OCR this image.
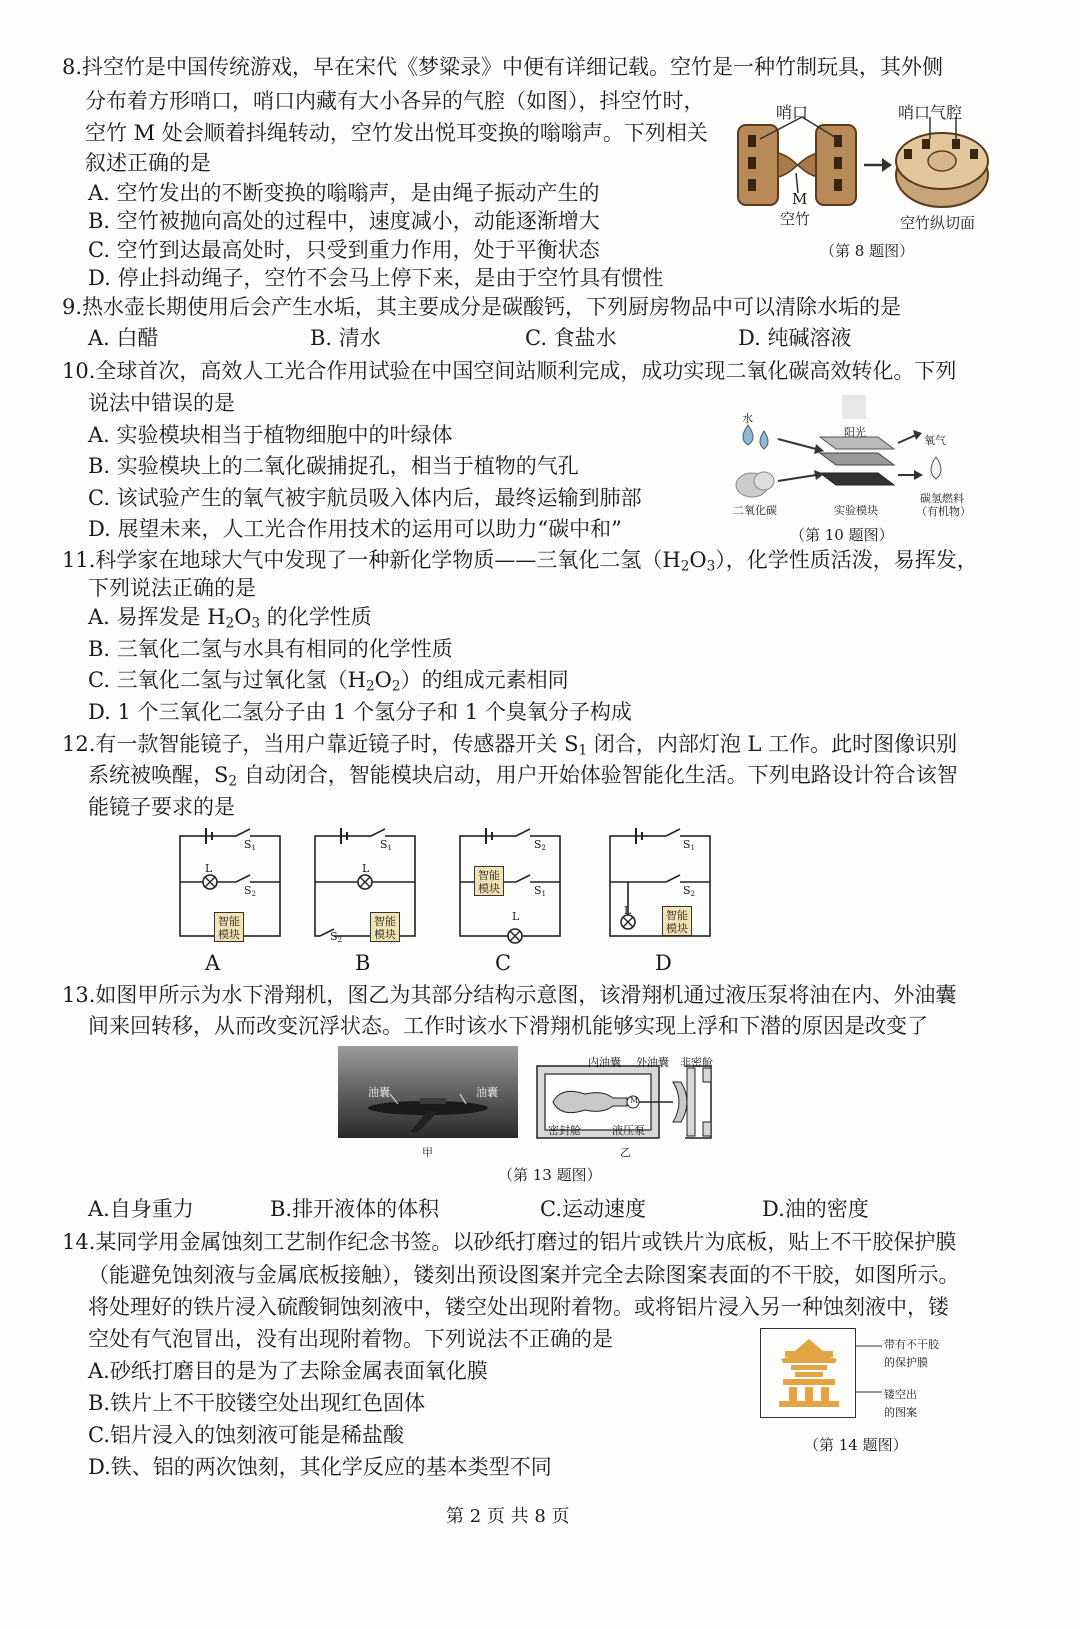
8.抖空竹是中国传统游戏，早在宋代《梦粱录》中便有详细记载。空竹是一种竹制玩具，其外侧
分布着方形哨口，哨口内藏有大小各异的气腔（如图），抖空竹时，
空竹 M 处会顺着抖绳转动，空竹发出悦耳变换的嗡嗡声。下列相关
叙述正确的是
A. 空竹发出的不断变换的嗡嗡声，是由绳子振动产生的
B. 空竹被抛向高处的过程中，速度减小，动能逐渐增大
C. 空竹到达最高处时，只受到重力作用，处于平衡状态
D. 停止抖动绳子，空竹不会马上停下来，是由于空竹具有惯性
哨口	哨口气腔
M
空竹	空竹纵切面
（第 8 题图）
9.热水壶长期使用后会产生水垢，其主要成分是碳酸钙，下列厨房物品中可以清除水垢的是
A. 白醋	B. 清水	C. 食盐水	D. 纯碱溶液
10.全球首次，高效人工光合作用试验在中国空间站顺利完成，成功实现二氧化碳高效转化。下列
说法中错误的是
A. 实验模块相当于植物细胞中的叶绿体
B. 实验模块上的二氧化碳捕捉孔，相当于植物的气孔
C. 该试验产生的氧气被宇航员吸入体内后，最终运输到肺部
D. 展望未来，人工光合作用技术的运用可以助力“碳中和”
水
阳光
氧气
二氧化碳	实验模块
碳氢燃料
（有机物）
（第 10 题图）
11.科学家在地球大气中发现了一种新化学物质——三氧化二氢$(H_2O_3)$，化学性质活泼，易挥发，
下列说法正确的是
A. 易挥发是 $H_2O_3$ 的化学性质
B. 三氧化二氢与水具有相同的化学性质
C. 三氧化二氢与过氧化氢$(H_2O_2)$的组成元素相同
D. 1 个三氧化二氢分子由 1 个氢分子和 1 个臭氧分子构成
12.有一款智能镜子，当用户靠近镜子时，传感器开关 $S_1$ 闭合，内部灯泡 L 工作。此时图像识别
系统被唤醒，$S_2$ 自动闭合，智能模块启动，用户开始体验智能化生活。下列电路设计符合该智
能镜子要求的是
$S_1$
$S_2$
L
智能
模块
$S_1$
$S_2$
L
智能
模块
$S_2$
$S_1$
L
智能
模块
$S_1$
$S_2$
L	智能
模块
A	B	C	D
13.如图甲所示为水下滑翔机，图乙为其部分结构示意图，该滑翔机通过液压泵将油在内、外油囊
间来回转移，从而改变沉浮状态。工作时该水下滑翔机能够实现上浮和下潜的原因是改变了
油囊	油囊
甲
内油囊 外油囊 非密舱
密封舱	液压泵
M
乙
（第 13 题图）
A.自身重力	B.排开液体的体积	C.运动速度	D.油的密度
14.某同学用金属蚀刻工艺制作纪念书签。以砂纸打磨过的铝片或铁片为底板，贴上不干胶保护膜
（能避免蚀刻液与金属底板接触），镂刻出预设图案并完全去除图案表面的不干胶，如图所示。
将处理好的铁片浸入硫酸铜蚀刻液中，镂空处出现附着物。或将铝片浸入另一种蚀刻液中，镂
空处有气泡冒出，没有出现附着物。下列说法不正确的是
A.砂纸打磨目的是为了去除金属表面氧化膜
B.铁片上不干胶镂空处出现红色固体
C.铝片浸入的蚀刻液可能是稀盐酸
D.铁、铝的两次蚀刻，其化学反应的基本类型不同
带有不干胶
的保护膜
镂空出
的图案
（第 14 题图）
第 2 页 共 8 页
